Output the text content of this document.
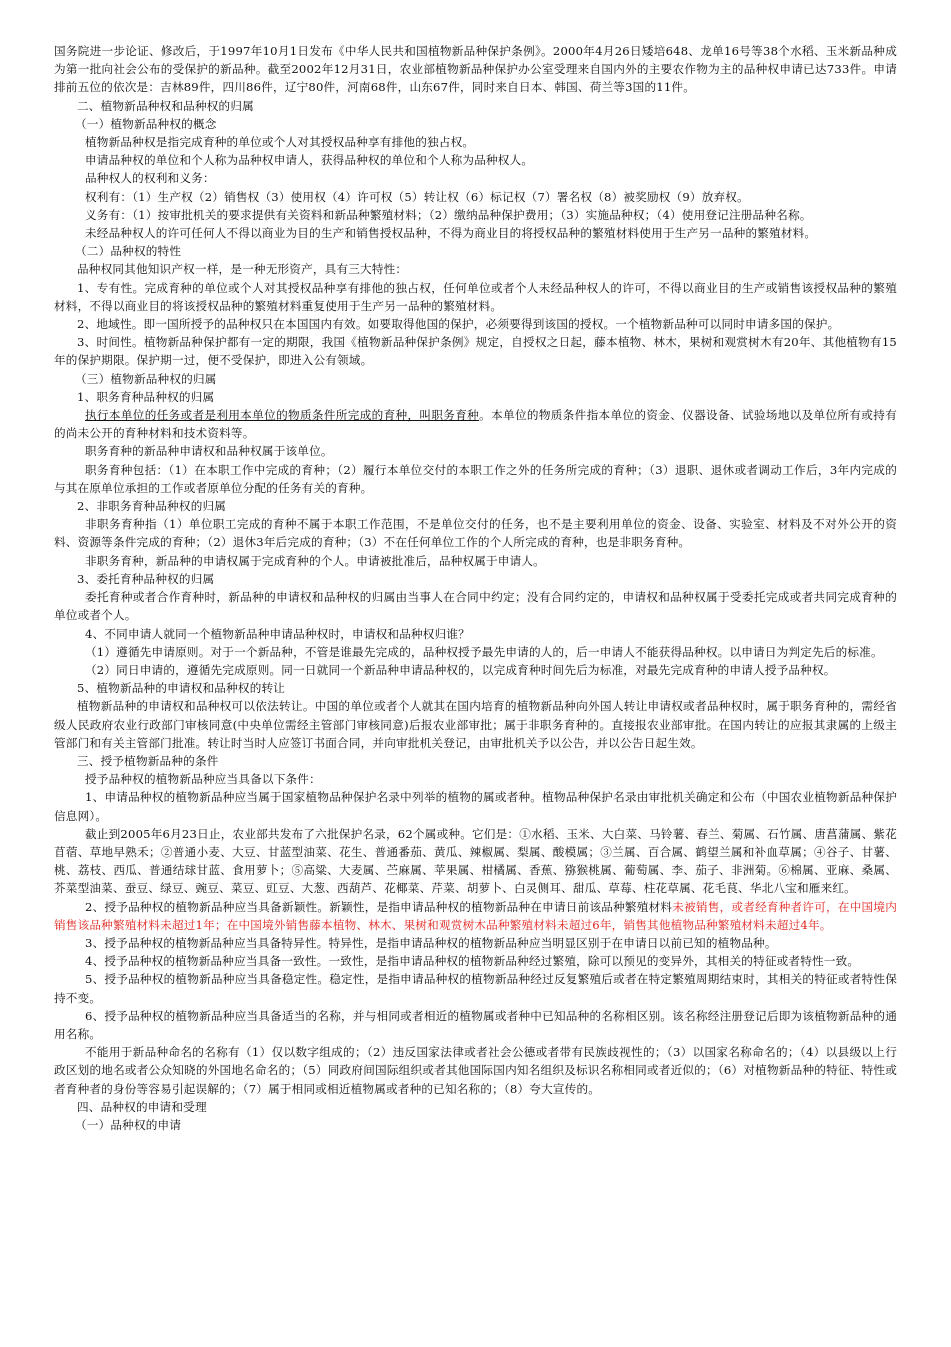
国务院进一步论证、修改后，于1997年10月1日发布《中华人民共和国植物新品种保护条例》。2000年4月26日矮培648、龙单16号等38个水稻、玉米新品种成为第一批向社会公布的受保护的新品种。截至2002年12月31日，农业部植物新品种保护办公室受理来自国内外的主要农作物为主的品种权申请已达733件。申请排前五位的依次是：吉林89件，四川86件，辽宁80件，河南68件，山东67件，同时来自日本、韩国、荷兰等3国的11件。

二、植物新品种权和品种权的归属

（一）植物新品种权的概念

植物新品种权是指完成育种的单位或个人对其授权品种享有排他的独占权。

申请品种权的单位和个人称为品种权申请人，获得品种权的单位和个人称为品种权人。

品种权人的权利和义务：

权利有：（1）生产权（2）销售权（3）使用权（4）许可权（5）转让权（6）标记权（7）署名权（8）被奖励权（9）放弃权。

义务有：（1）按审批机关的要求提供有关资料和新品种繁殖材料；（2）缴纳品种保护费用；（3）实施品种权；（4）使用登记注册品种名称。

未经品种权人的许可任何人不得以商业为目的生产和销售授权品种，不得为商业目的将授权品种的繁殖材料使用于生产另一品种的繁殖材料。

（二）品种权的特性

品种权同其他知识产权一样，是一种无形资产，具有三大特性：

1、专有性。完成育种的单位或个人对其授权品种享有排他的独占权，任何单位或者个人未经品种权人的许可，不得以商业目的生产或销售该授权品种的繁殖材料，不得以商业目的将该授权品种的繁殖材料重复使用于生产另一品种的繁殖材料。

2、地域性。即一国所授予的品种权只在本国国内有效。如要取得他国的保护，必须要得到该国的授权。一个植物新品种可以同时申请多国的保护。

3、时间性。植物新品种保护都有一定的期限，我国《植物新品种保护条例》规定，自授权之日起，藤本植物、林木，果树和观赏树木有20年、其他植物有15年的保护期限。保护期一过，便不受保护，即进入公有领域。

（三）植物新品种权的归属

1、职务育种品种权的归属

执行本单位的任务或者是利用本单位的物质条件所完成的育种，叫职务育种。本单位的物质条件指本单位的资金、仪器设备、试验场地以及单位所有或持有的尚未公开的育种材料和技术资料等。

职务育种的新品种申请权和品种权属于该单位。

职务育种包括：（1）在本职工作中完成的育种；（2）履行本单位交付的本职工作之外的任务所完成的育种；（3）退职、退休或者调动工作后，3年内完成的与其在原单位承担的工作或者原单位分配的任务有关的育种。

2、非职务育种品种权的归属

非职务育种指（1）单位职工完成的育种不属于本职工作范围，不是单位交付的任务，也不是主要利用单位的资金、设备、实验室、材料及不对外公开的资料、资源等条件完成的育种；（2）退休3年后完成的育种；（3）不在任何单位工作的个人所完成的育种，也是非职务育种。

非职务育种，新品种的申请权属于完成育种的个人。申请被批准后，品种权属于申请人。

3、委托育种品种权的归属

委托育种或者合作育种时，新品种的申请权和品种权的归属由当事人在合同中约定；没有合同约定的，申请权和品种权属于受委托完成或者共同完成育种的单位或者个人。

4、不同申请人就同一个植物新品种申请品种权时，申请权和品种权归谁？

（1）遵循先申请原则。对于一个新品种，不管是谁最先完成的，品种权授予最先申请的人的，后一申请人不能获得品种权。以申请日为判定先后的标准。

（2）同日申请的，遵循先完成原则。同一日就同一个新品种申请品种权的，以完成育种时间先后为标准，对最先完成育种的申请人授予品种权。

5、植物新品种的申请权和品种权的转让

植物新品种的申请权和品种权可以依法转让。中国的单位或者个人就其在国内培育的植物新品种向外国人转让申请权或者品种权时，属于职务育种的，需经省级人民政府农业行政部门审核同意(中央单位需经主管部门审核同意)后报农业部审批；属于非职务育种的。直接报农业部审批。在国内转让的应报其隶属的上级主管部门和有关主管部门批准。转让时当时人应签订书面合同，并向审批机关登记，由审批机关予以公告，并以公告日起生效。

三、授予植物新品种的条件

授予品种权的植物新品种应当具备以下条件：

1、申请品种权的植物新品种应当属于国家植物品种保护名录中列举的植物的属或者种。植物品种保护名录由审批机关确定和公布（中国农业植物新品种保护信息网）。

截止到2005年6月23日止，农业部共发布了六批保护名录，62个属或种。它们是：①水稻、玉米、大白菜、马铃薯、春兰、菊属、石竹属、唐菖蒲属、紫花苜蓿、草地早熟禾；②普通小麦、大豆、甘蓝型油菜、花生、普通番茄、黄瓜、辣椒属、梨属、酸模属；③兰属、百合属、鹤望兰属和补血草属；④谷子、甘薯、桃、荔枝、西瓜、普通结球甘蓝、食用萝卜；⑤高粱、大麦属、苎麻属、苹果属、柑橘属、香蕉、猕猴桃属、葡萄属、李、茄子、非洲菊。⑥棉属、亚麻、桑属、芥菜型油菜、蚕豆、绿豆、豌豆、菜豆、豇豆、大葱、西葫芦、花椰菜、芹菜、胡萝卜、白灵侧耳、甜瓜、草莓、柱花草属、花毛茛、华北八宝和雁来红。

2、授予品种权的植物新品种应当具备新颖性。新颖性，是指申请品种权的植物新品种在申请日前该品种繁殖材料未被销售，或者经育种者许可，在中国境内销售该品种繁殖材料未超过1年；在中国境外销售藤本植物、林木、果树和观赏树木品种繁殖材料未超过6年，销售其他植物品种繁殖材料未超过4年。

3、授予品种权的植物新品种应当具备特异性。特异性，是指申请品种权的植物新品种应当明显区别于在申请日以前已知的植物品种。

4、授予品种权的植物新品种应当具备一致性。一致性，是指申请品种权的植物新品种经过繁殖，除可以预见的变异外，其相关的特征或者特性一致。

5、授予品种权的植物新品种应当具备稳定性。稳定性，是指申请品种权的植物新品种经过反复繁殖后或者在特定繁殖周期结束时，其相关的特征或者特性保持不变。

6、授予品种权的植物新品种应当具备适当的名称，并与相同或者相近的植物属或者种中已知品种的名称相区别。该名称经注册登记后即为该植物新品种的通用名称。

不能用于新品种命名的名称有（1）仅以数字组成的；（2）违反国家法律或者社会公德或者带有民族歧视性的；（3）以国家名称命名的；（4）以县级以上行政区划的地名或者公众知晓的外国地名命名的；（5）同政府间国际组织或者其他国际国内知名组织及标识名称相同或者近似的；（6）对植物新品种的特征、特性或者育种者的身份等容易引起误解的；（7）属于相同或相近植物属或者种的已知名称的；（8）夸大宣传的。

四、品种权的申请和受理

（一）品种权的申请
